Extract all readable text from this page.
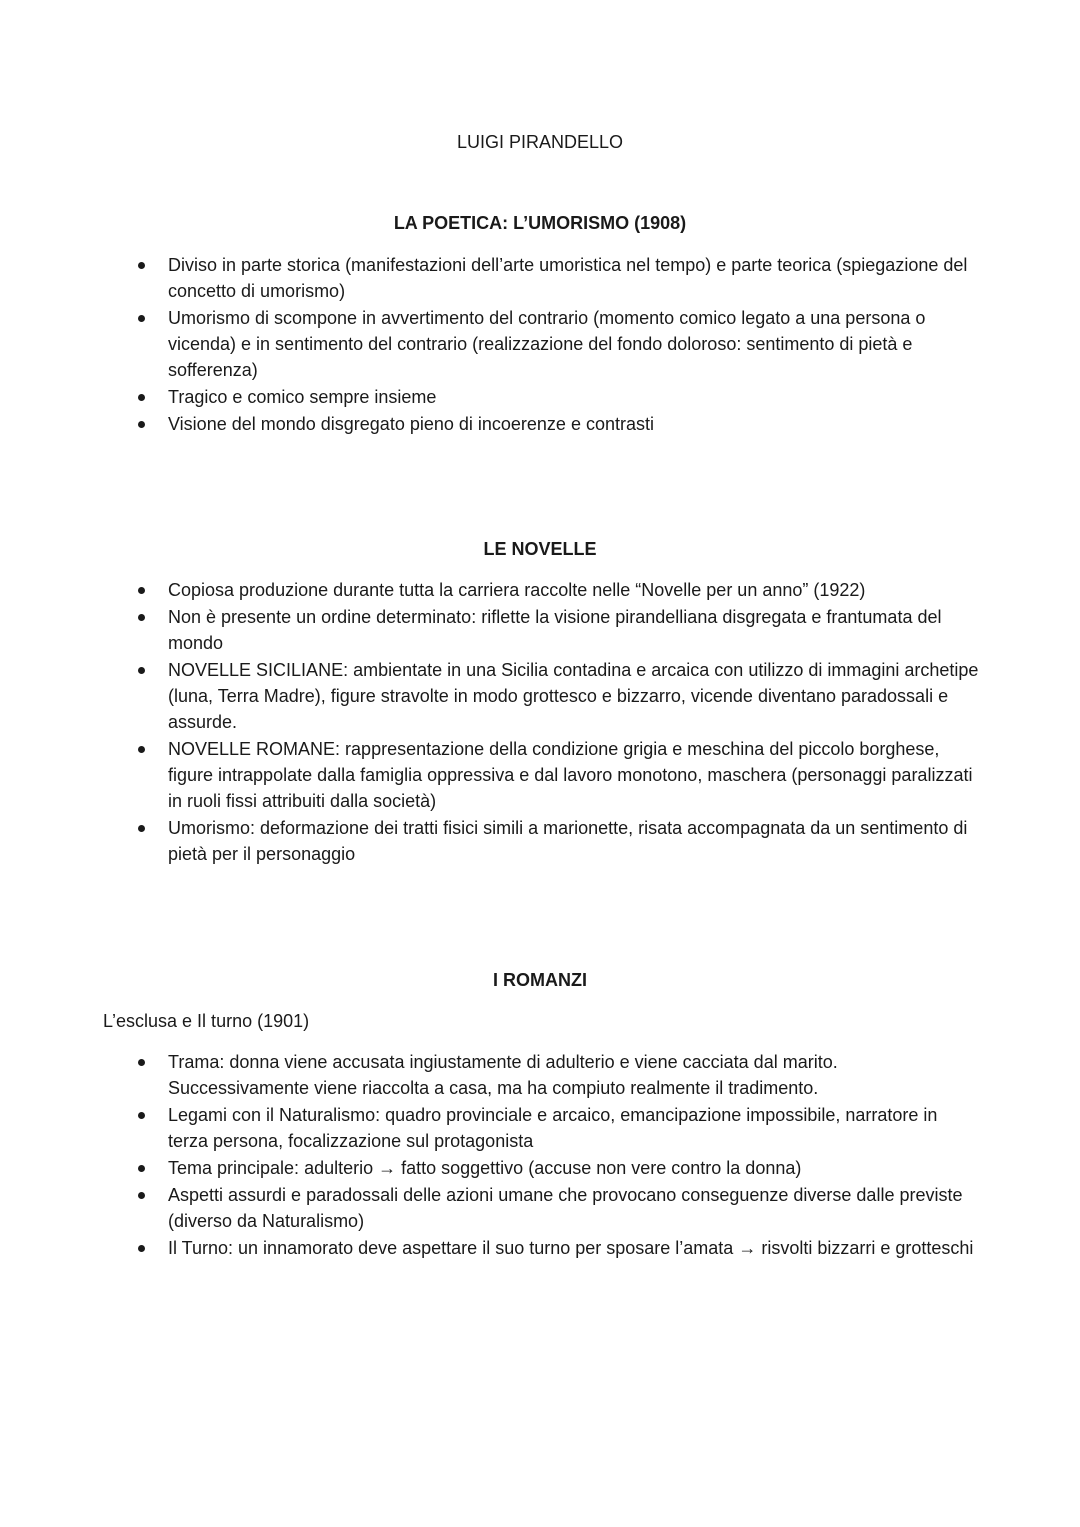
LUIGI PIRANDELLO
LA POETICA: L’UMORISMO (1908)
Diviso in parte storica (manifestazioni dell’arte umoristica nel tempo) e parte teorica (spiegazione del concetto di umorismo)
Umorismo di scompone in avvertimento del contrario (momento comico legato a una persona o vicenda) e in sentimento del contrario (realizzazione del fondo doloroso: sentimento di pietà e sofferenza)
Tragico e comico sempre insieme
Visione del mondo disgregato pieno di incoerenze e contrasti
LE NOVELLE
Copiosa produzione durante tutta la carriera raccolte nelle “Novelle per un anno” (1922)
Non è presente un ordine determinato: riflette la visione pirandelliana disgregata e frantumata del mondo
NOVELLE SICILIANE: ambientate in una Sicilia contadina e arcaica con utilizzo di immagini archetipe (luna, Terra Madre), figure stravolte in modo grottesco e bizzarro, vicende diventano paradossali e assurde.
NOVELLE ROMANE: rappresentazione della condizione grigia e meschina del piccolo borghese, figure intrappolate dalla famiglia oppressiva e dal lavoro monotono, maschera (personaggi paralizzati in ruoli fissi attribuiti dalla società)
Umorismo: deformazione dei tratti fisici simili a marionette, risata accompagnata da un sentimento di pietà per il personaggio
I ROMANZI
L’esclusa e Il turno (1901)
Trama: donna viene accusata ingiustamente di adulterio e viene cacciata dal marito. Successivamente viene riaccolta a casa, ma ha compiuto realmente il tradimento.
Legami con il Naturalismo: quadro provinciale e arcaico, emancipazione impossibile, narratore in terza persona, focalizzazione sul protagonista
Tema principale: adulterio → fatto soggettivo (accuse non vere contro la donna)
Aspetti assurdi e paradossali delle azioni umane che provocano conseguenze diverse dalle previste (diverso da Naturalismo)
Il Turno: un innamorato deve aspettare il suo turno per sposare l’amata → risvolti bizzarri e grotteschi
